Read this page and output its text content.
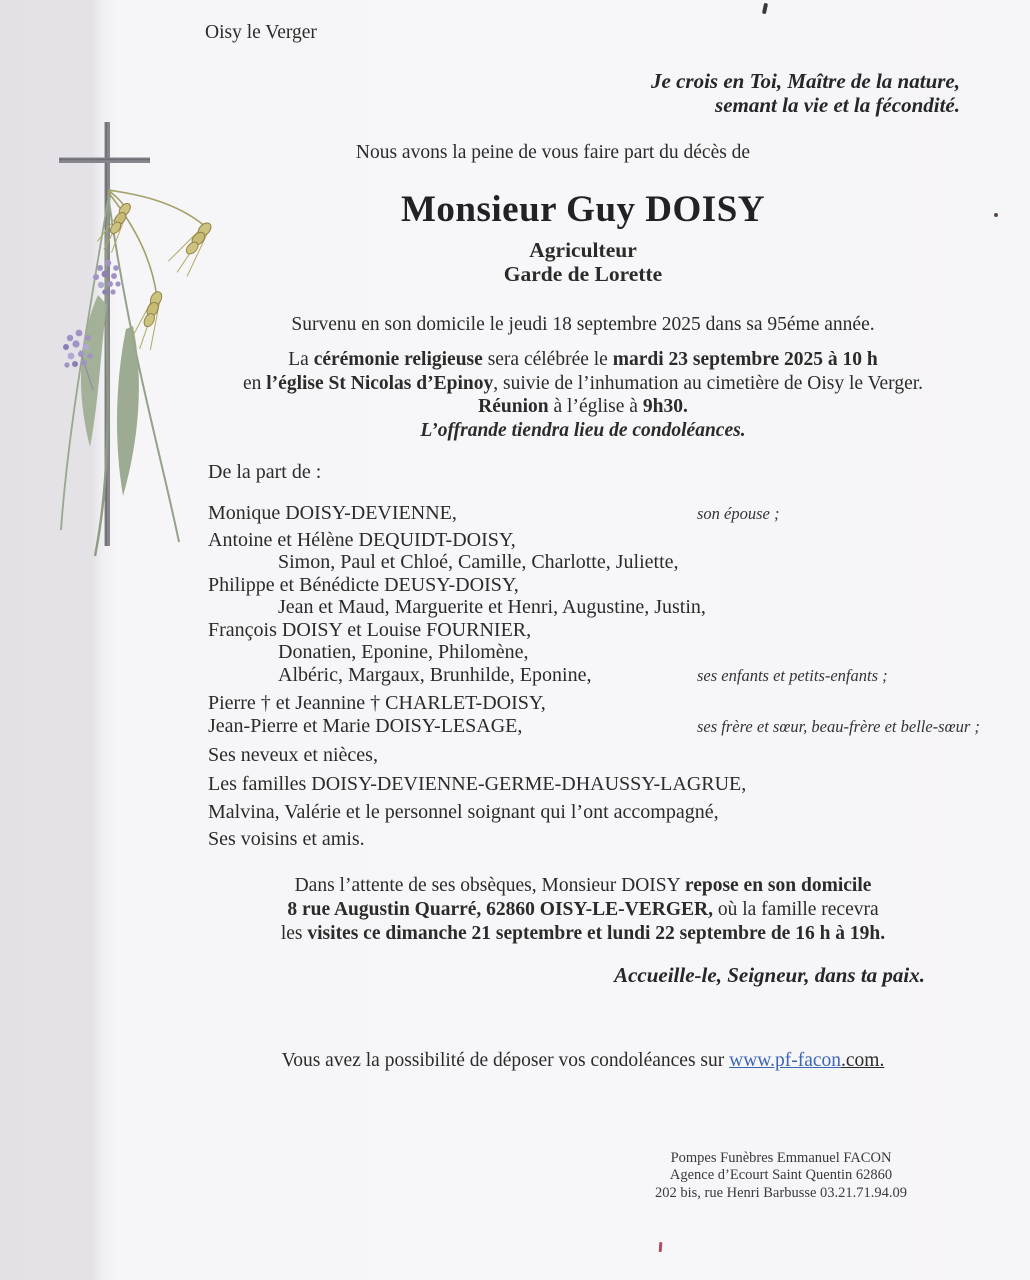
Oisy le Verger
Je crois en Toi, Maître de la nature,
semant la vie et la fécondité.
Nous avons la peine de vous faire part du décès de
Monsieur Guy DOISY
Agriculteur
Garde de Lorette
Survenu en son domicile le jeudi 18 septembre 2025 dans sa 95éme année.
La cérémonie religieuse sera célébrée le mardi 23 septembre 2025 à 10 h
en l’église St Nicolas d’Epinoy, suivie de l’inhumation au cimetière de Oisy le Verger.
Réunion à l’église à 9h30.
L’offrande tiendra lieu de condoléances.
De la part de :
Monique DOISY-DEVIENNE,	son épouse ;
Antoine et Hélène DEQUIDT-DOISY,
Simon, Paul et Chloé, Camille, Charlotte, Juliette,
Philippe et Bénédicte DEUSY-DOISY,
Jean et Maud, Marguerite et Henri, Augustine, Justin,
François DOISY et Louise FOURNIER,
Donatien, Eponine, Philomène,
Albéric, Margaux, Brunhilde, Eponine,	ses enfants et petits-enfants ;
Pierre † et Jeannine † CHARLET-DOISY,
Jean-Pierre et Marie DOISY-LESAGE,	ses frère et sœur, beau-frère et belle-sœur ;
Ses neveux et nièces,
Les familles DOISY-DEVIENNE-GERME-DHAUSSY-LAGRUE,
Malvina, Valérie et le personnel soignant qui l’ont accompagné,
Ses voisins et amis.
Dans l’attente de ses obsèques, Monsieur DOISY repose en son domicile
8 rue Augustin Quarré, 62860 OISY-LE-VERGER, où la famille recevra
les visites ce dimanche 21 septembre et lundi 22 septembre de 16 h à 19h.
Accueille-le, Seigneur, dans ta paix.
Vous avez la possibilité de déposer vos condoléances sur www.pf-facon.com.
Pompes Funèbres Emmanuel FACON
Agence d’Ecourt Saint Quentin 62860
202 bis, rue Henri Barbusse 03.21.71.94.09
